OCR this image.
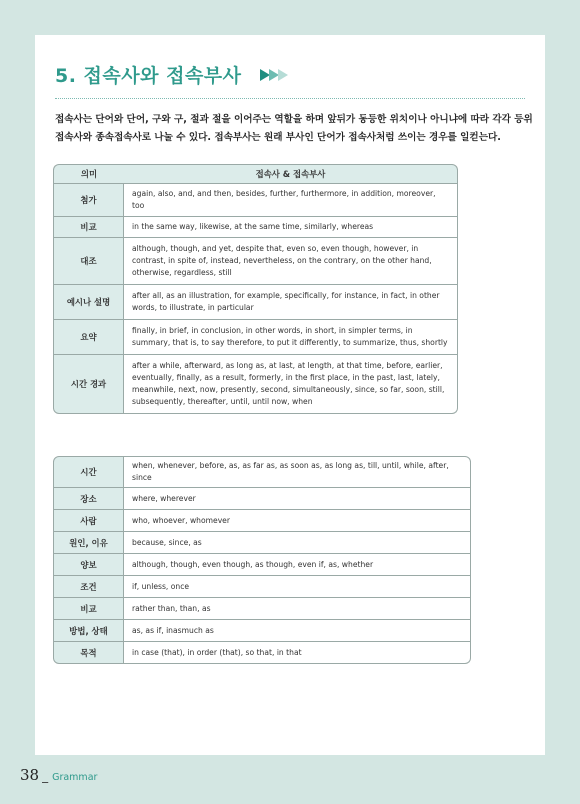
5. 접속사와 접속부사
접속사는 단어와 단어, 구와 구, 절과 절을 이어주는 역할을 하며 앞뒤가 동등한 위치이나 아니냐에 따라 각각 등위접속사와 종속접속사로 나눌 수 있다. 접속부사는 원래 부사인 단어가 접속사처럼 쓰이는 경우를 일컫는다.
의미	접속사 & 접속부사
첨가	again, also, and, and then, besides, further, furthermore, in addition, moreover, too
비교	in the same way, likewise, at the same time, similarly, whereas
대조	although, though, and yet, despite that, even so, even though, however, in contrast, in spite of, instead, nevertheless, on the contrary, on the other hand, otherwise, regardless, still
예시나 설명	after all, as an illustration, for example, specifically, for instance, in fact, in other words, to illustrate, in particular
요약	finally, in brief, in conclusion, in other words, in short, in simpler terms, in summary, that is, to say therefore, to put it differently, to summarize, thus, shortly
시간 경과	after a while, afterward, as long as, at last, at length, at that time, before, earlier, eventually, finally, as a result, formerly, in the first place, in the past, last, lately, meanwhile, next, now, presently, second, simultaneously, since, so far, soon, still, subsequently, thereafter, until, until now, when
시간	when, whenever, before, as, as far as, as soon as, as long as, till, until, while, after, since
장소	where, wherever
사람	who, whoever, whomever
원인, 이유	because, since, as
양보	although, though, even though, as though, even if, as, whether
조건	if, unless, once
비교	rather than, than, as
방법, 상태	as, as if, inasmuch as
목적	in case (that), in order (that), so that, in that
38 _ Grammar
